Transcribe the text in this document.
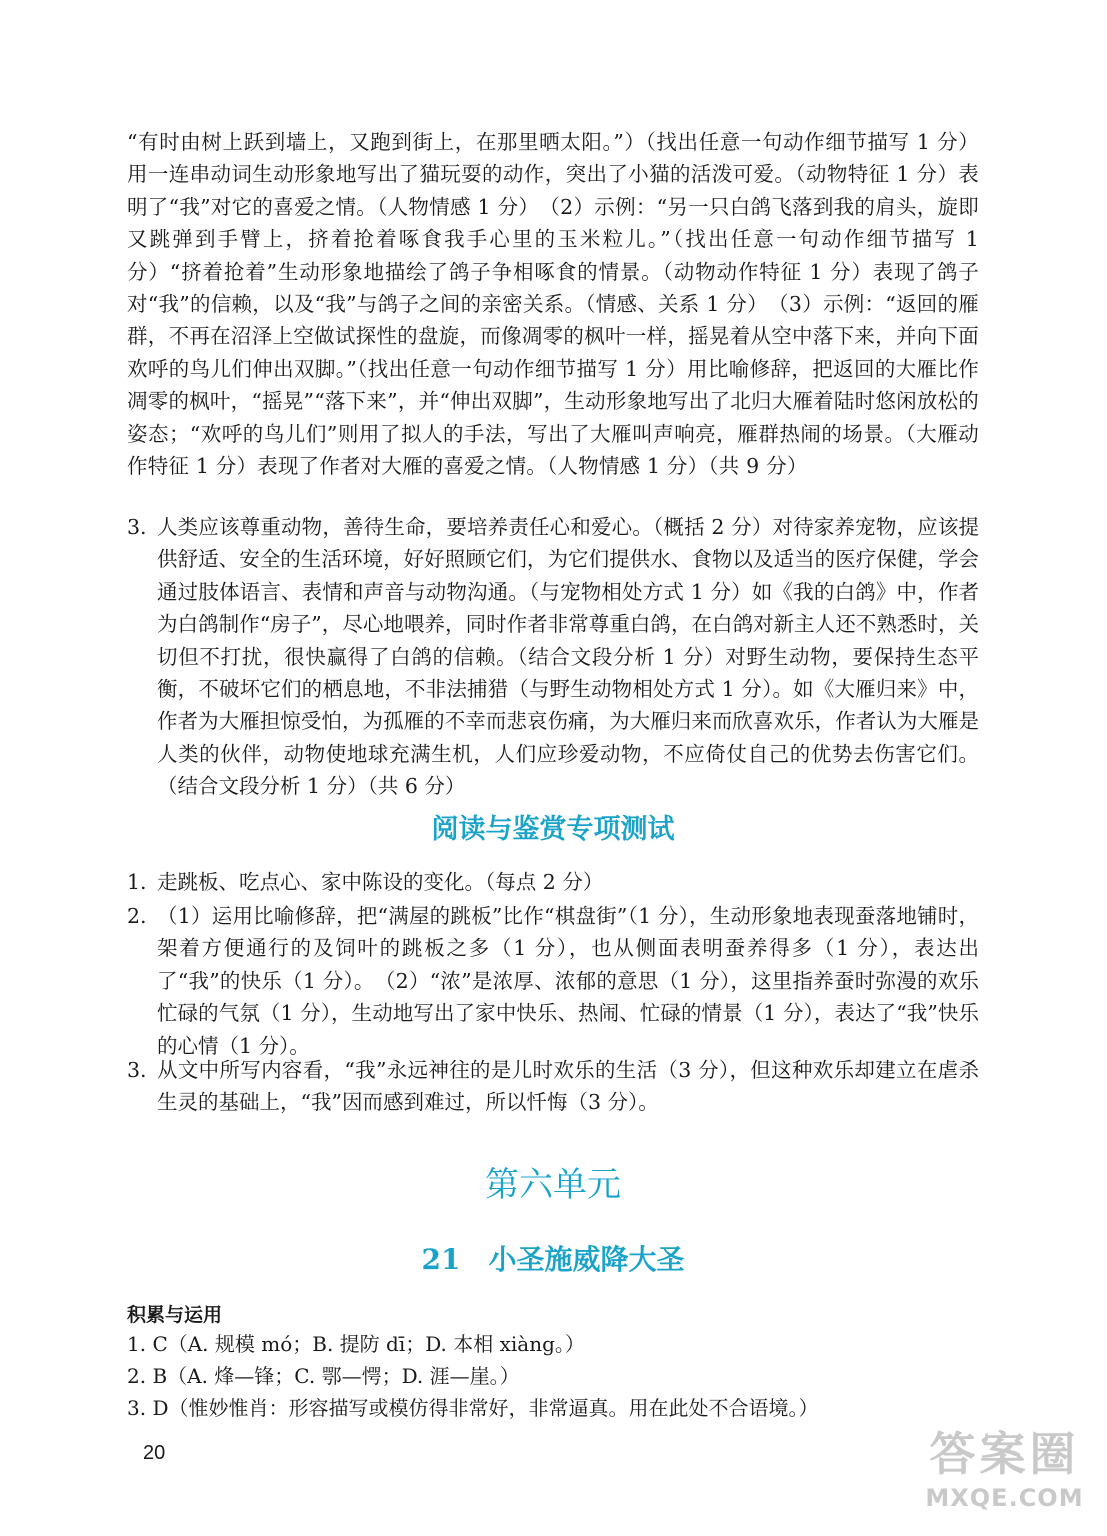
“有时由树上跃到墙上，又跑到街上，在那里晒太阳。”）（找出任意一句动作细节描写 1 分）用一连串动词生动形象地写出了猫玩耍的动作，突出了小猫的活泼可爱。（动物特征 1 分）表明了“我”对它的喜爱之情。（人物情感 1 分）　（2）示例：“另一只白鸽飞落到我的肩头，旋即又跳弹到手臂上，挤着抢着啄食我手心里的玉米粒儿。”（找出任意一句动作细节描写 1 分）“挤着抢着”生动形象地描绘了鸽子争相啄食的情景。（动物动作特征 1 分）表现了鸽子对“我”的信赖，以及“我”与鸽子之间的亲密关系。（情感、关系 1 分）　（3）示例：“返回的雁群，不再在沼泽上空做试探性的盘旋，而像凋零的枫叶一样，摇晃着从空中落下来，并向下面欢呼的鸟儿们伸出双脚。”（找出任意一句动作细节描写 1 分）用比喻修辞，把返回的大雁比作凋零的枫叶，“摇晃”“落下来”，并“伸出双脚”，生动形象地写出了北归大雁着陆时悠闲放松的姿态；“欢呼的鸟儿们”则用了拟人的手法，写出了大雁叫声响亮，雁群热闹的场景。（大雁动作特征 1 分）表现了作者对大雁的喜爱之情。（人物情感 1 分）（共 9 分）
3. 人类应该尊重动物，善待生命，要培养责任心和爱心。（概括 2 分）对待家养宠物，应该提供舒适、安全的生活环境，好好照顾它们，为它们提供水、食物以及适当的医疗保健，学会通过肢体语言、表情和声音与动物沟通。（与宠物相处方式 1 分）如《我的白鸽》中，作者为白鸽制作“房子”，尽心地喂养，同时作者非常尊重白鸽，在白鸽对新主人还不熟悉时，关切但不打扰，很快赢得了白鸽的信赖。（结合文段分析 1 分）对野生动物，要保持生态平衡，不破坏它们的栖息地，不非法捕猎（与野生动物相处方式 1 分）。如《大雁归来》中，作者为大雁担惊受怕，为孤雁的不幸而悲哀伤痛，为大雁归来而欣喜欢乐，作者认为大雁是人类的伙伴，动物使地球充满生机，人们应珍爱动物，不应倚仗自己的优势去伤害它们。（结合文段分析 1 分）（共 6 分）
阅读与鉴赏专项测试
1. 走跳板、吃点心、家中陈设的变化。（每点 2 分）
2. （1）运用比喻修辞，把“满屋的跳板”比作“棋盘街”（1 分），生动形象地表现蚕落地铺时，架着方便通行的及饲叶的跳板之多（1 分），也从侧面表明蚕养得多（1 分），表达出了“我”的快乐（1 分）。　（2）“浓”是浓厚、浓郁的意思（1 分），这里指养蚕时弥漫的欢乐忙碌的气氛（1 分），生动地写出了家中快乐、热闹、忙碌的情景（1 分），表达了“我”快乐的心情（1 分）。
3. 从文中所写内容看，“我”永远神往的是儿时欢乐的生活（3 分），但这种欢乐却建立在虐杀生灵的基础上，“我”因而感到难过，所以忏悔（3 分）。
第六单元
21　小圣施威降大圣
积累与运用
1. C（A. 规模 mó；B. 提防 dī；D. 本相 xiàng。）
2. B（A. 烽—锋；C. 鄂—愕；D. 涯—崖。）
3. D（惟妙惟肖：形容描写或模仿得非常好，非常逼真。用在此处不合语境。）
20	答案圈
MXQE.COM
